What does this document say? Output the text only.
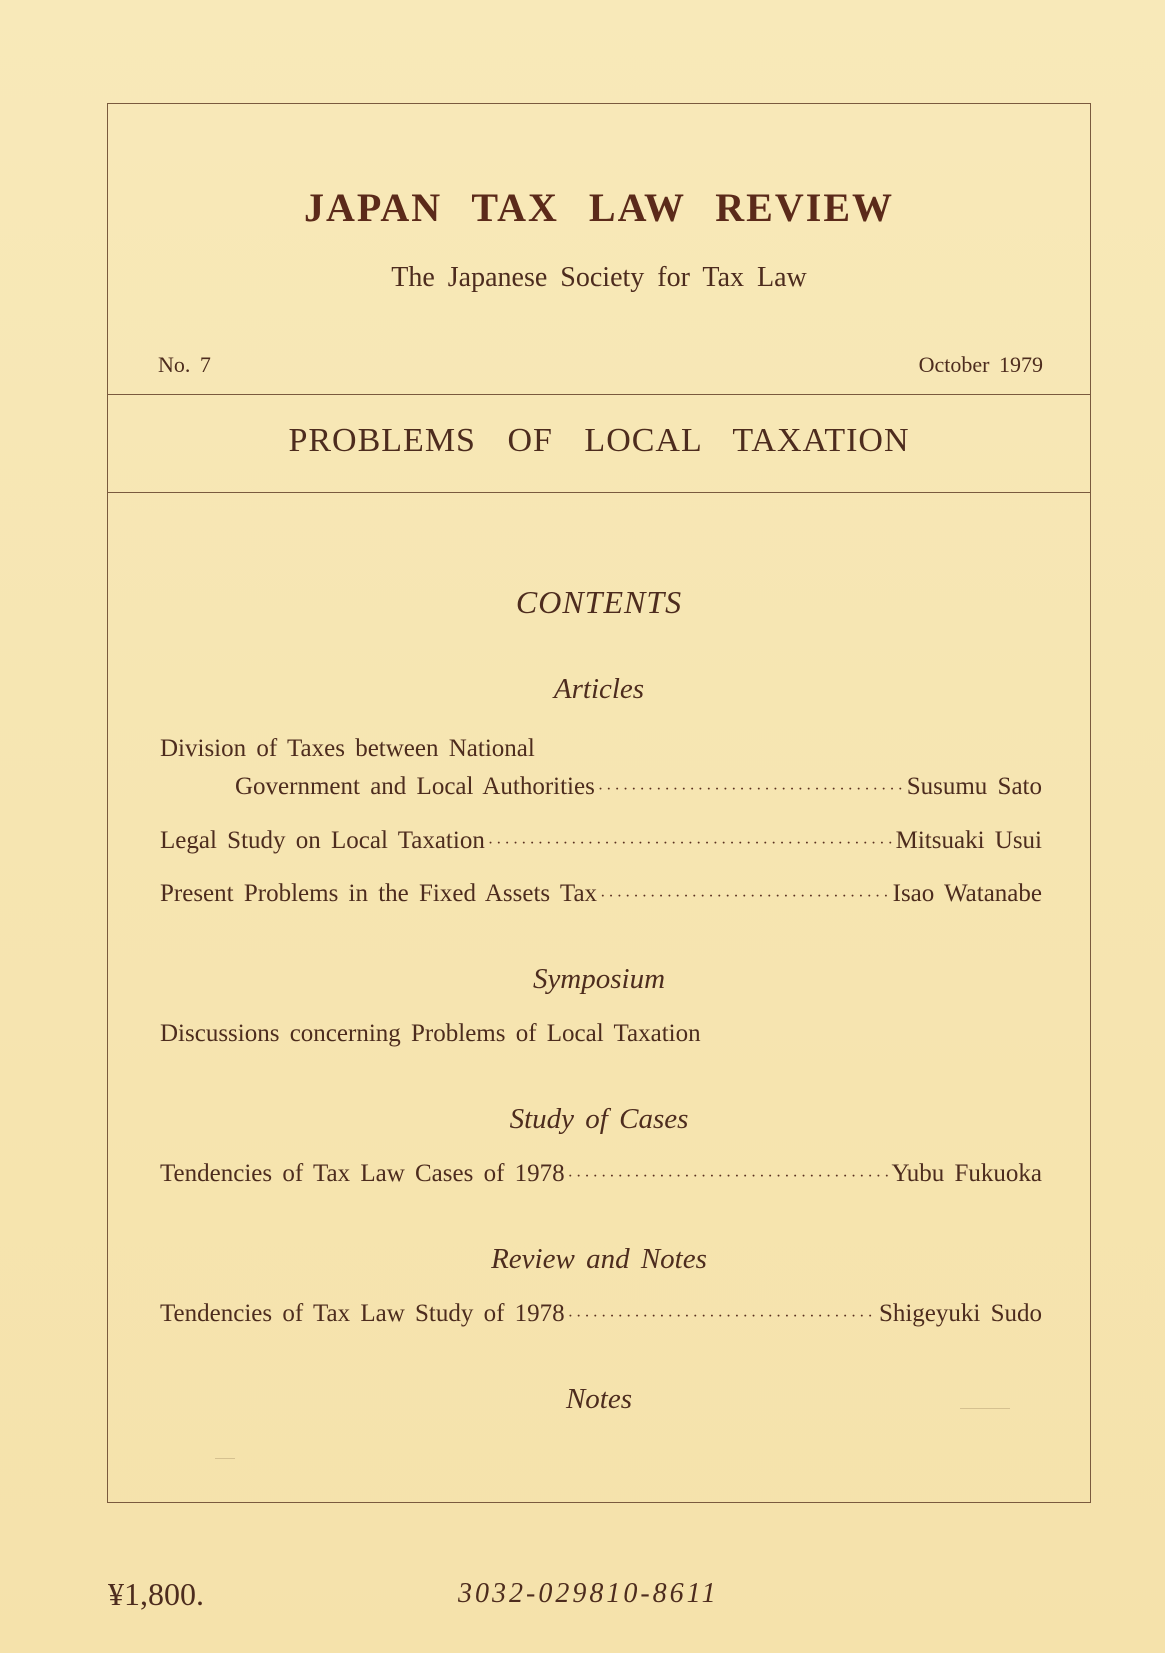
JAPAN TAX LAW REVIEW
The Japanese Society for Tax Law
No. 7	October 1979
PROBLEMS OF LOCAL TAXATION
CONTENTS
Articles
Division of Taxes between National
Government and Local Authorities ·····	Susumu Sato
Legal Study on Local Taxation ·····	Mitsuaki Usui
Present Problems in the Fixed Assets Tax ·····	Isao Watanabe
Symposium
Discussions concerning Problems of Local Taxation
Study of Cases
Tendencies of Tax Law Cases of 1978 ·····	Yubu Fukuoka
Review and Notes
Tendencies of Tax Law Study of 1978 ·····	Shigeyuki Sudo
Notes
¥1,800.	3032-029810-8611
